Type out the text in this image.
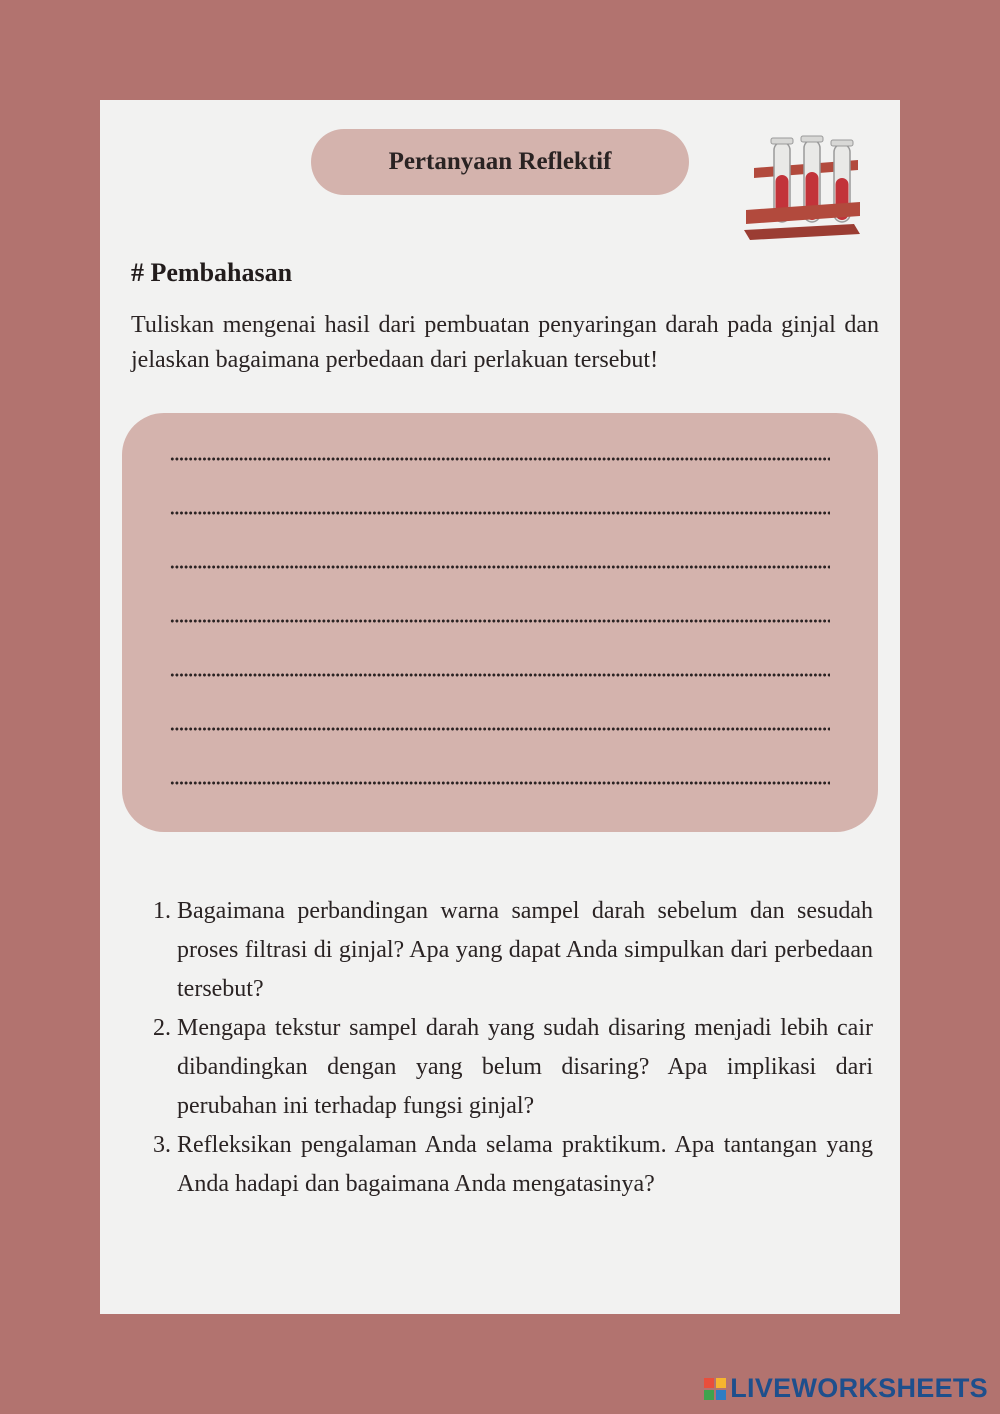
Pertanyaan Reflektif
# Pembahasan
Tuliskan mengenai hasil dari pembuatan penyaringan darah pada ginjal dan jelaskan bagaimana perbedaan dari perlakuan tersebut!
1. Bagaimana perbandingan warna sampel darah sebelum dan sesudah proses filtrasi di ginjal? Apa yang dapat Anda simpulkan dari perbedaan tersebut?
2. Mengapa tekstur sampel darah yang sudah disaring menjadi lebih cair dibandingkan dengan yang belum disaring? Apa implikasi dari perubahan ini terhadap fungsi ginjal?
3. Refleksikan pengalaman Anda selama praktikum. Apa tantangan yang Anda hadapi dan bagaimana Anda mengatasinya?
LIVEWORKSHEETS
